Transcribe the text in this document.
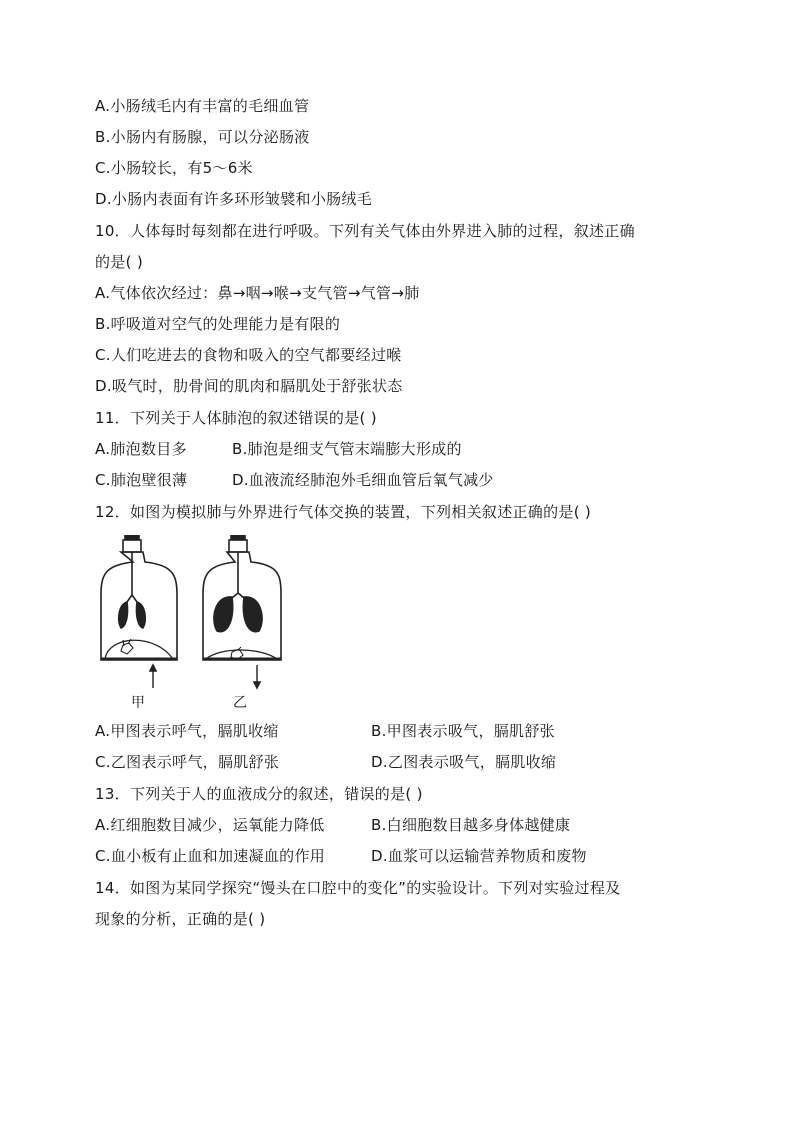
A.小肠绒毛内有丰富的毛细血管
B.小肠内有肠腺，可以分泌肠液
C.小肠较长，有5～6米
D.小肠内表面有许多环形皱襞和小肠绒毛
10．人体每时每刻都在进行呼吸。下列有关气体由外界进入肺的过程，叙述正确
的是( )
A.气体依次经过：鼻→咽→喉→支气管→气管→肺
B.呼吸道对空气的处理能力是有限的
C.人们吃进去的食物和吸入的空气都要经过喉
D.吸气时，肋骨间的肌肉和膈肌处于舒张状态
11．下列关于人体肺泡的叙述错误的是( )
A.肺泡数目多	B.肺泡是细支气管末端膨大形成的
C.肺泡壁很薄	D.血液流经肺泡外毛细血管后氧气减少
12．如图为模拟肺与外界进行气体交换的装置，下列相关叙述正确的是( )
甲	乙
A.甲图表示呼气，膈肌收缩	B.甲图表示吸气，膈肌舒张
C.乙图表示呼气，膈肌舒张	D.乙图表示吸气，膈肌收缩
13．下列关于人的血液成分的叙述，错误的是( )
A.红细胞数目减少，运氧能力降低	B.白细胞数目越多身体越健康
C.血小板有止血和加速凝血的作用	D.血浆可以运输营养物质和废物
14．如图为某同学探究“馒头在口腔中的变化”的实验设计。下列对实验过程及
现象的分析，正确的是( )
